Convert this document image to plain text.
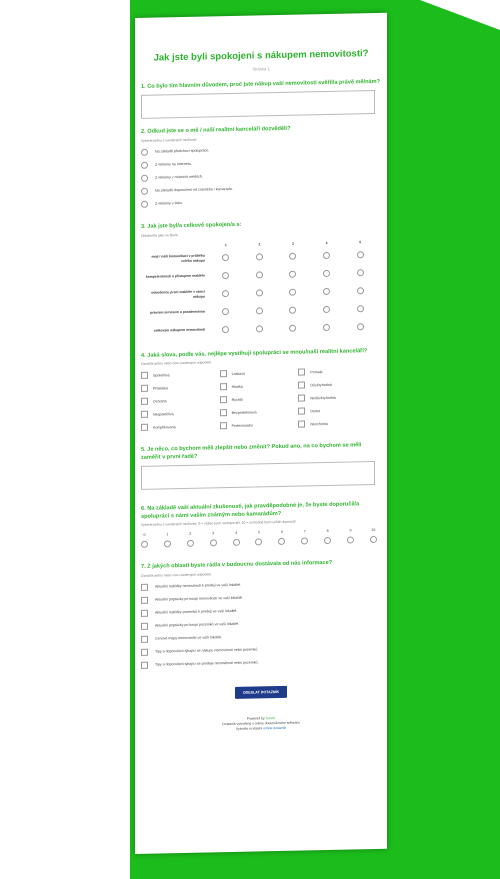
Jak jste byli spokojeni s nákupem nemovitosti?
Stránka 1
1. Co bylo tím hlavním důvodem, proč jste nákup vaší nemovitosti svěřil/a právě mě/nám?
2. Odkud jste se o mě / naší realitní kanceláři dozvěděli?
Vyberte jednu z uvedených možností
Na základě předchozí spolupráce.
Z reklamy na internetu.
Z reklamy v místních médiích.
Na základě doporučení od známého / kamaráda.
Z reklamy v tisku.
3. Jak jste byl/a celkově spokojen/a s:
Ohodnoťte jako ve škole
	1	2	3	4	5
mojí / naší komunikací v průběhu celého nákupu	

kompetentností a přístupem makléře	

odvedenou prací makléře v rámci nákupu	

právním servisem a poradenstvím	

celkovým nákupem nemovitosti	

4. Jaká slova, podle vás, nejlépe vystihují spolupráci se mnou/naší realitní kanceláří?
Označte jednu nebo více uvedených odpovědí.
Spolehlivá	Laskavá	Pomalá
Přátelská	Hladká	Důvěryhodná
Ochotná	Rychlá	Nedůvěryhodná
Nespolehlivá	Bezproblémová	Drahá
Komplikovaná	Profesionální	Neochotná
5. Je něco, co bychom měli zlepšit nebo změnit? Pokud ano, na co bychom se měli zaměřit v první řadě?
6. Na základě vaší aktuální zkušenosti, jak pravděpodobné je, že byste doporučil/a spolupráci s námi vaším známým nebo kamarádům?
Vyberte jednu z uvedených možností. 0 = vůbec bych nedoporučil, 10 = rozhodně bych určitě doporučil
0	1	2	3	4	5	6	7	8	9	10
7. Z jakých oblastí byste rád/a v budoucnu dostávala od nás informace?
Označte jednu nebo více uvedených odpovědí.
Aktuální nabídky nemovitostí k prodeji ve vaší lokalitě.
Aktuální poptávky po koupi nemovitostí ve vaší lokalitě.
Aktuální nabídky pozemků k prodeji ve vaší lokalitě.
Aktuální poptávky po koupi pozemků ve vaší lokalitě.
Cenové mapy nemovitostí ve vaší lokalitě.
Tipy a doporučení týkající se nákupu nemovitostí nebo pozemků.
Tipy a doporučení týkající se prodeje nemovitostí nebo pozemků.
ODESLAT DOTAZNÍK
Powered by Survio
Dotazník vytvořený v online dotazníkovém softwaru
Vytvořte si vlastní online dotazník
